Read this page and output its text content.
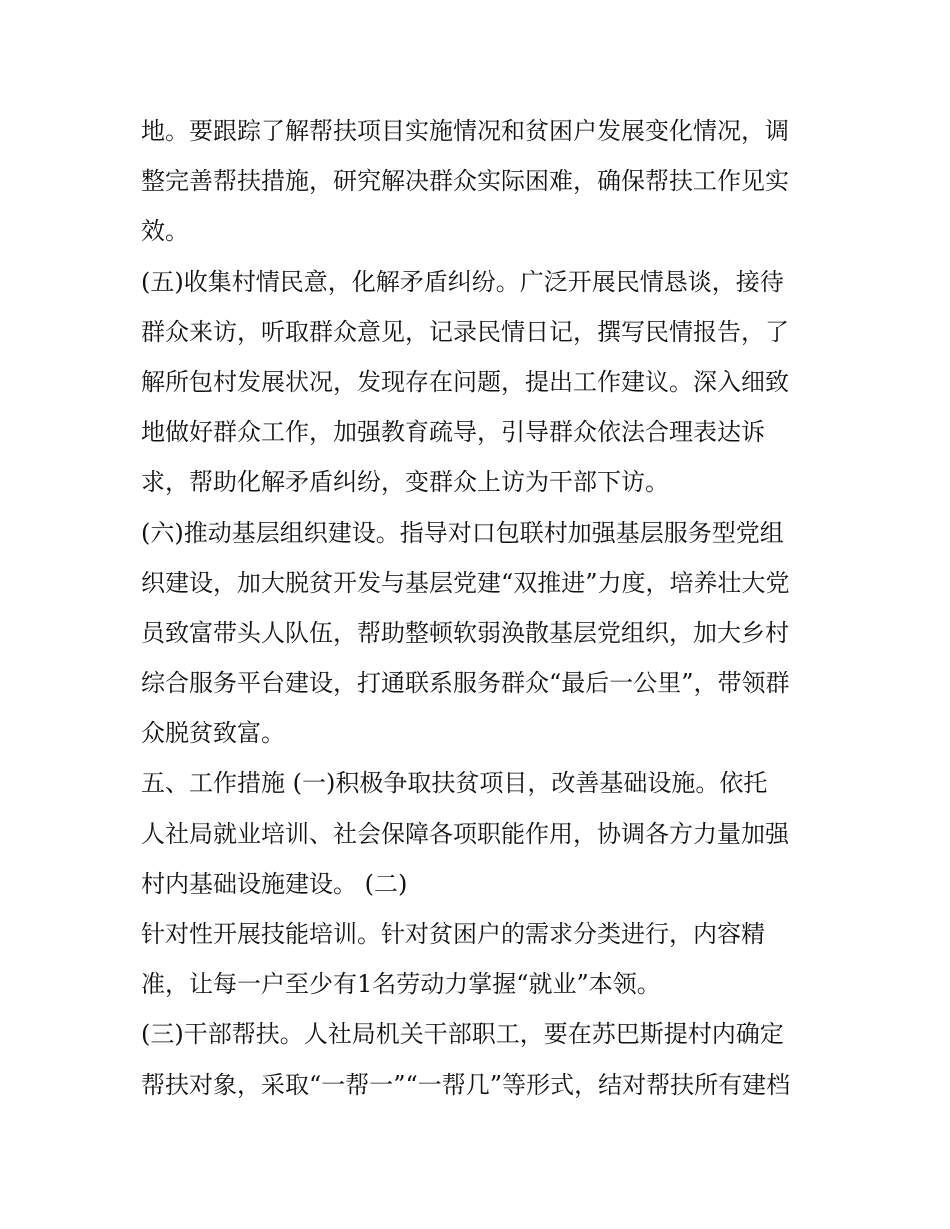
地。要跟踪了解帮扶项目实施情况和贫困户发展变化情况，调
整完善帮扶措施，研究解决群众实际困难，确保帮扶工作见实
效。
(五)收集村情民意，化解矛盾纠纷。广泛开展民情恳谈，接待
群众来访，听取群众意见，记录民情日记，撰写民情报告，了
解所包村发展状况，发现存在问题，提出工作建议。深入细致
地做好群众工作，加强教育疏导，引导群众依法合理表达诉
求，帮助化解矛盾纠纷，变群众上访为干部下访。
(六)推动基层组织建设。指导对口包联村加强基层服务型党组
织建设，加大脱贫开发与基层党建“双推进”力度，培养壮大党
员致富带头人队伍，帮助整顿软弱涣散基层党组织，加大乡村
综合服务平台建设，打通联系服务群众“最后一公里”，带领群
众脱贫致富。
五、工作措施 (一)积极争取扶贫项目，改善基础设施。依托
人社局就业培训、社会保障各项职能作用，协调各方力量加强
村内基础设施建设。 (二)
针对性开展技能培训。针对贫困户的需求分类进行，内容精
准，让每一户至少有1名劳动力掌握“就业”本领。
(三)干部帮扶。人社局机关干部职工，要在苏巴斯提村内确定
帮扶对象，采取“一帮一”“一帮几”等形式，结对帮扶所有建档
